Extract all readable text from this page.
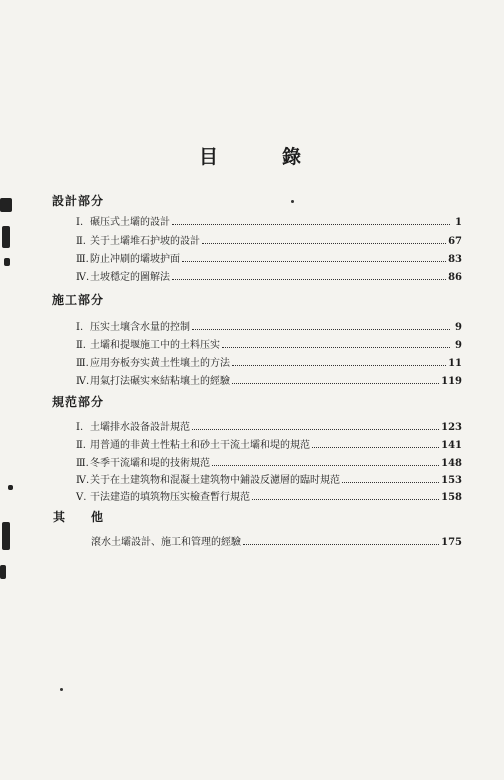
目	錄
設計部分
Ⅰ. 碾压式土壩的設計	1
Ⅱ. 关于土壩堆石护坡的設計	67
Ⅲ. 防止冲刷的壩坡护面	83
Ⅳ. 土坡穩定的圖解法	86
施工部分
Ⅰ. 压实土壤含水量的控制	9
Ⅱ. 土壩和提堰施工中的土料压实	9
Ⅲ. 应用夯板夯实黄土性壤土的方法	11
Ⅳ. 用氣打法碾实來結粘壤土的經驗	119
規范部分
Ⅰ. 土壩排水設备設計規范	123
Ⅱ. 用普通的非黄土性粘土和砂土干流土壩和堤的規范	141
Ⅲ. 冬季干流壩和堤的技術規范	148
Ⅳ. 关于在土建筑物和混凝土建筑物中鋪設反濾層的臨时規范	153
Ⅴ. 干法建造的填筑物压实檢查暫行規范	158
其 他
滾水土壩設計、施工和管理的經驗	175
